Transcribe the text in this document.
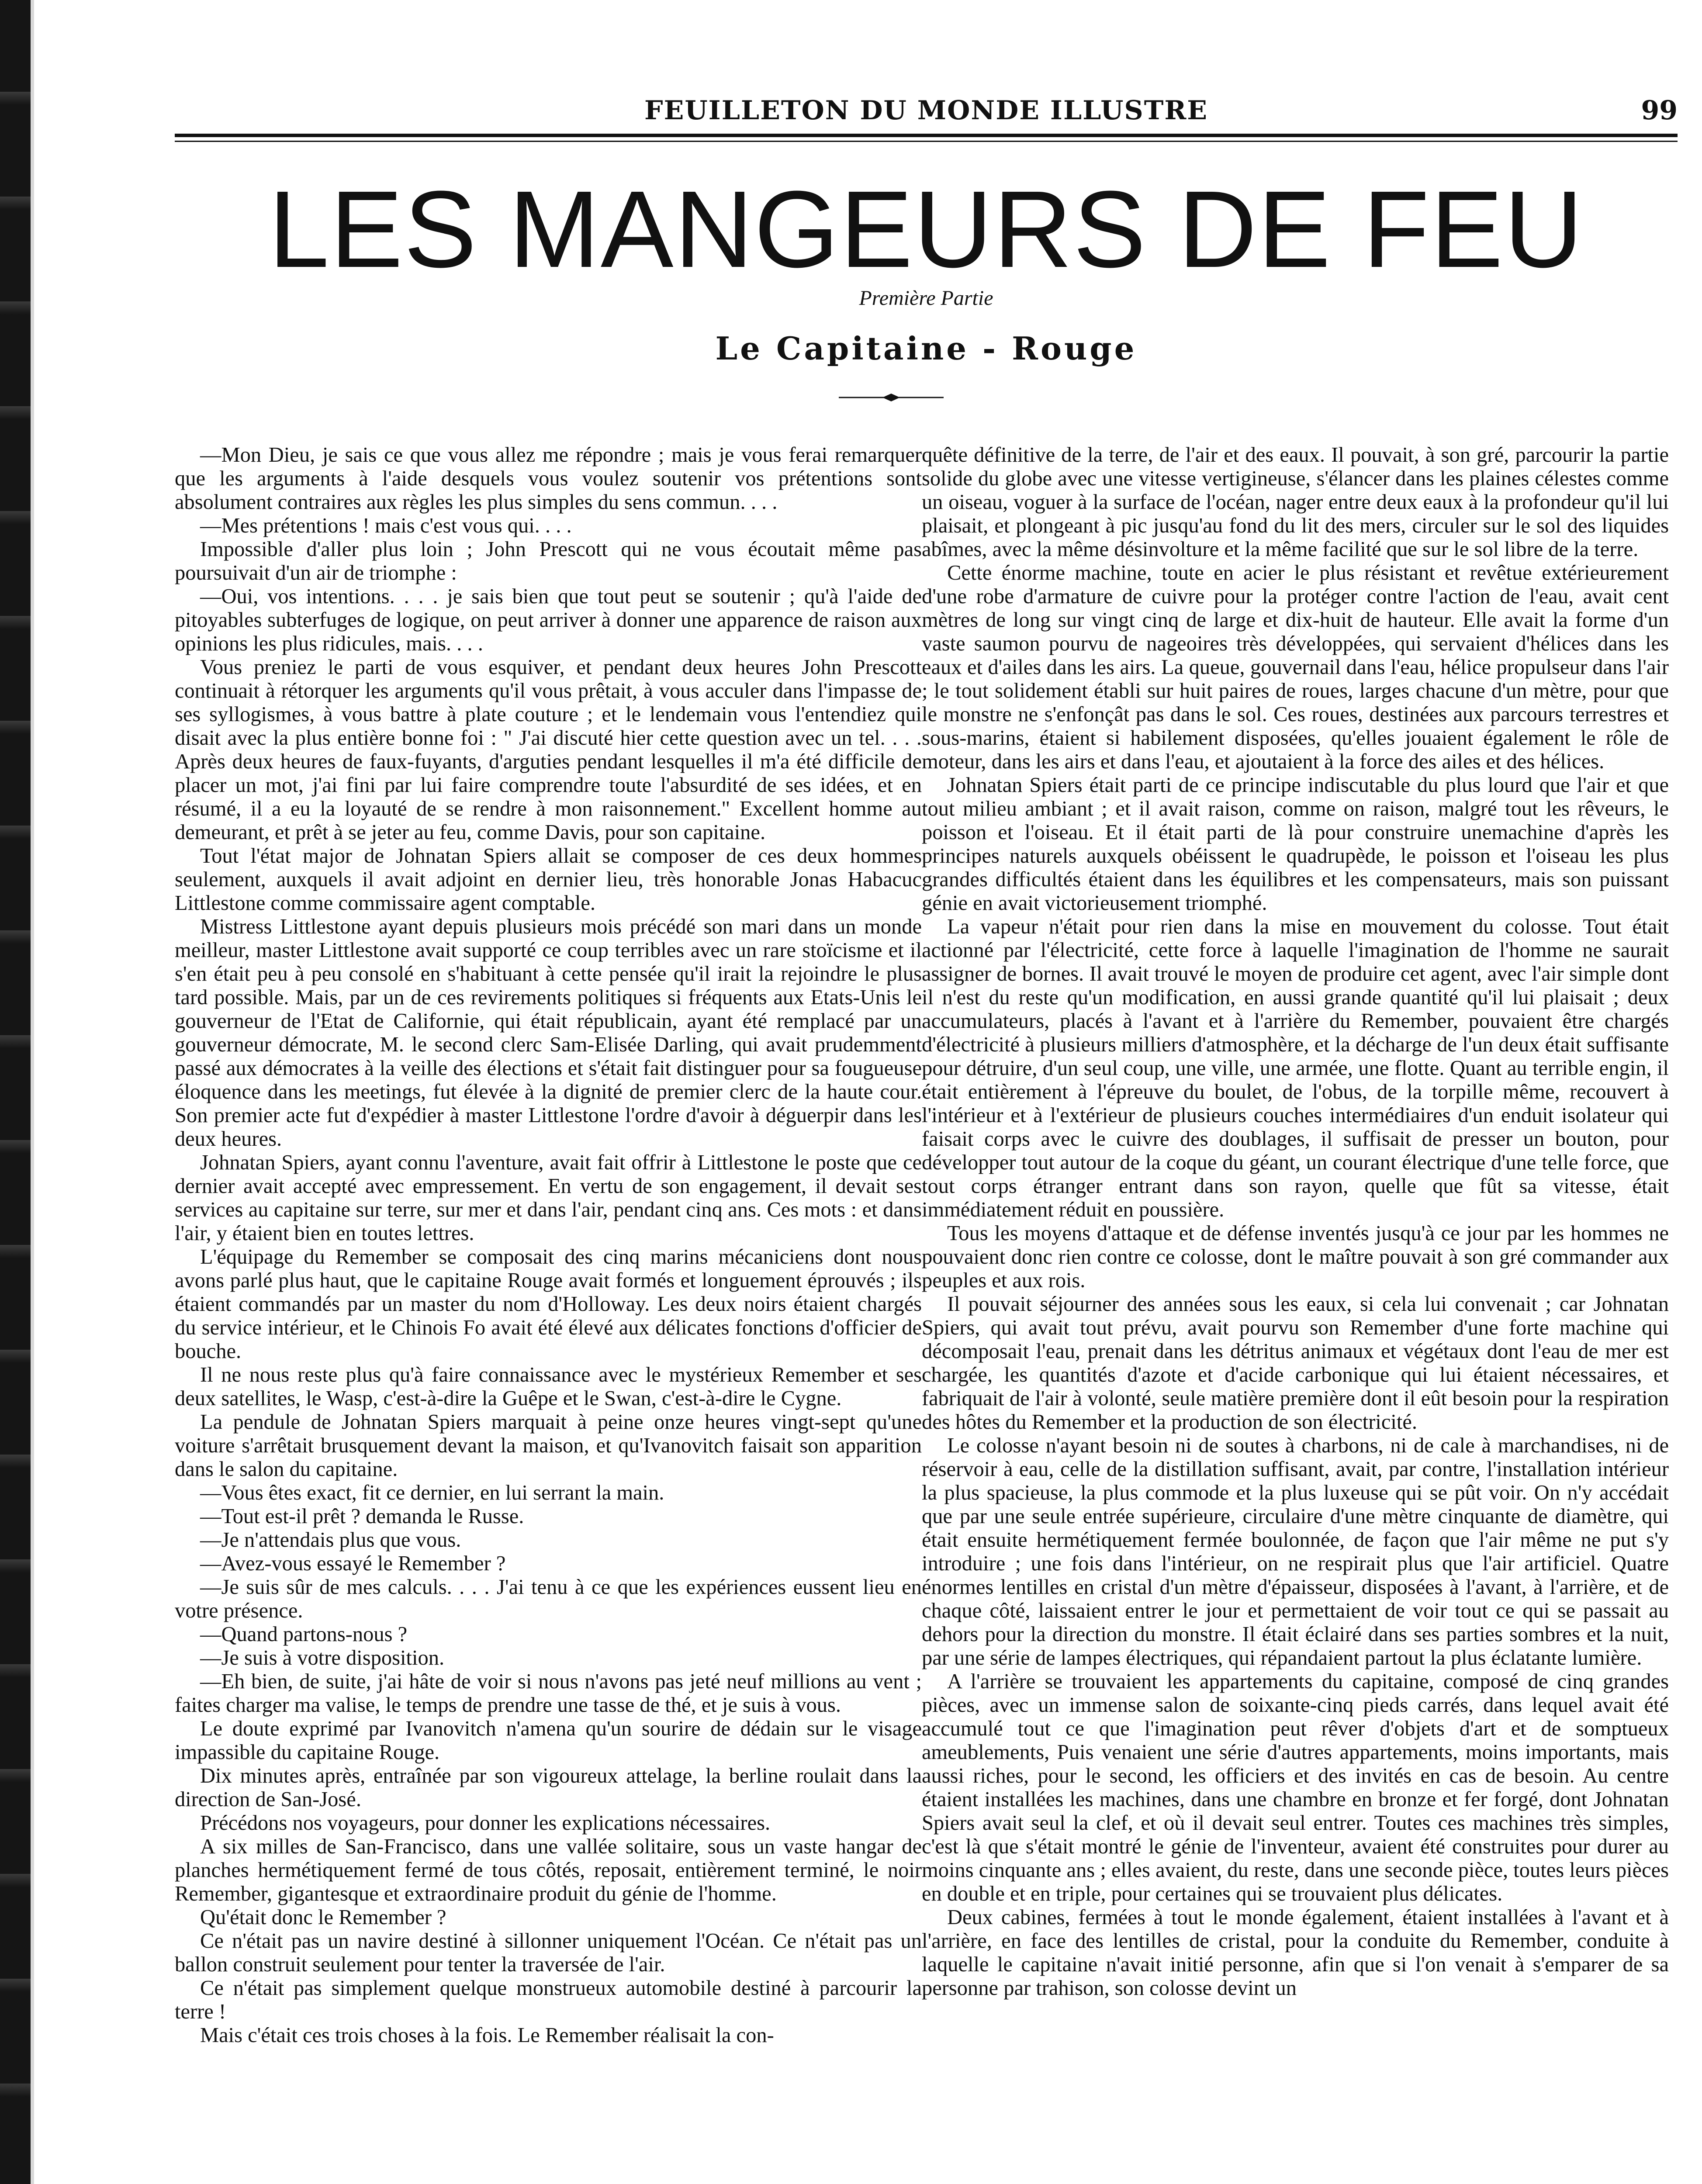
FEUILLETON DU MONDE ILLUSTRE	99
LES MANGEURS DE FEU
Première Partie
Le Capitaine - Rouge

—Mon Dieu, je sais ce que vous allez me répondre ; mais je vous ferai remarquer que les arguments à l'aide desquels vous voulez soutenir vos prétentions sont absolument contraires aux règles les plus simples du sens commun. . . .

—Mes prétentions ! mais c'est vous qui. . . .

Impossible d'aller plus loin ; John Prescott qui ne vous écoutait même pas poursuivait d'un air de triomphe :

—Oui, vos intentions. . . . je sais bien que tout peut se soutenir ; qu'à l'aide de pitoyables subterfuges de logique, on peut arriver à donner une apparence de raison aux opinions les plus ridicules, mais. . . .

Vous preniez le parti de vous esquiver, et pendant deux heures John Prescott continuait à rétorquer les arguments qu'il vous prêtait, à vous acculer dans l'impasse de ses syllogismes, à vous battre à plate couture ; et le lendemain vous l'entendiez qui disait avec la plus entière bonne foi : " J'ai discuté hier cette question avec un tel. . . . Après deux heures de faux-fuyants, d'arguties pendant lesquelles il m'a été difficile de placer un mot, j'ai fini par lui faire comprendre toute l'absurdité de ses idées, et en résumé, il a eu la loyauté de se rendre à mon raisonnement." Excellent homme au demeurant, et prêt à se jeter au feu, comme Davis, pour son capitaine.

Tout l'état major de Johnatan Spiers allait se composer de ces deux hommes seulement, auxquels il avait adjoint en dernier lieu, très honorable Jonas Habacuc Littlestone comme commissaire agent comptable.

Mistress Littlestone ayant depuis plusieurs mois précédé son mari dans un monde meilleur, master Littlestone avait supporté ce coup terribles avec un rare stoïcisme et il s'en était peu à peu consolé en s'habituant à cette pensée qu'il irait la rejoindre le plus tard possible. Mais, par un de ces revirements politiques si fréquents aux Etats-Unis le gouverneur de l'Etat de Californie, qui était républicain, ayant été remplacé par un gouverneur démocrate, M. le second clerc Sam-Elisée Darling, qui avait prudemment passé aux démocrates à la veille des élections et s'était fait distinguer pour sa fougueuse éloquence dans les meetings, fut élevée à la dignité de premier clerc de la haute cour. Son premier acte fut d'expédier à master Littlestone l'ordre d'avoir à déguerpir dans les deux heures.

Johnatan Spiers, ayant connu l'aventure, avait fait offrir à Littlestone le poste que ce dernier avait accepté avec empressement. En vertu de son engagement, il devait ses services au capitaine sur terre, sur mer et dans l'air, pendant cinq ans. Ces mots : et dans l'air, y étaient bien en toutes lettres.

L'équipage du Remember se composait des cinq marins mécaniciens dont nous avons parlé plus haut, que le capitaine Rouge avait formés et longuement éprouvés ; ils étaient commandés par un master du nom d'Holloway. Les deux noirs étaient chargés du service intérieur, et le Chinois Fo avait été élevé aux délicates fonctions d'officier de bouche.

Il ne nous reste plus qu'à faire connaissance avec le mystérieux Remember et ses deux satellites, le Wasp, c'est-à-dire la Guêpe et le Swan, c'est-à-dire le Cygne.

La pendule de Johnatan Spiers marquait à peine onze heures vingt-sept qu'une voiture s'arrêtait brusquement devant la maison, et qu'Ivanovitch faisait son apparition dans le salon du capitaine.

—Vous êtes exact, fit ce dernier, en lui serrant la main.

—Tout est-il prêt ? demanda le Russe.

—Je n'attendais plus que vous.

—Avez-vous essayé le Remember ?

—Je suis sûr de mes calculs. . . . J'ai tenu à ce que les expériences eussent lieu en votre présence.

—Quand partons-nous ?

—Je suis à votre disposition.

—Eh bien, de suite, j'ai hâte de voir si nous n'avons pas jeté neuf millions au vent ; faites charger ma valise, le temps de prendre une tasse de thé, et je suis à vous.

Le doute exprimé par Ivanovitch n'amena qu'un sourire de dédain sur le visage impassible du capitaine Rouge.

Dix minutes après, entraînée par son vigoureux attelage, la berline roulait dans la direction de San-José.

Précédons nos voyageurs, pour donner les explications nécessaires.

A six milles de San-Francisco, dans une vallée solitaire, sous un vaste hangar de planches hermétiquement fermé de tous côtés, reposait, entièrement terminé, le noir Remember, gigantesque et extraordinaire produit du génie de l'homme.

Qu'était donc le Remember ?

Ce n'était pas un navire destiné à sillonner uniquement l'Océan. Ce n'était pas un ballon construit seulement pour tenter la traversée de l'air.

Ce n'était pas simplement quelque monstrueux automobile destiné à parcourir la terre !

Mais c'était ces trois choses à la fois. Le Remember réalisait la con-

quête définitive de la terre, de l'air et des eaux. Il pouvait, à son gré, parcourir la partie solide du globe avec une vitesse vertigineuse, s'élancer dans les plaines célestes comme un oiseau, voguer à la surface de l'océan, nager entre deux eaux à la profondeur qu'il lui plaisait, et plongeant à pic jusqu'au fond du lit des mers, circuler sur le sol des liquides abîmes, avec la même désinvolture et la même facilité que sur le sol libre de la terre.

Cette énorme machine, toute en acier le plus résistant et revêtue extérieurement d'une robe d'armature de cuivre pour la protéger contre l'action de l'eau, avait cent mètres de long sur vingt cinq de large et dix-huit de hauteur. Elle avait la forme d'un vaste saumon pourvu de nageoires très développées, qui servaient d'hélices dans les eaux et d'ailes dans les airs. La queue, gouvernail dans l'eau, hélice propulseur dans l'air ; le tout solidement établi sur huit paires de roues, larges chacune d'un mètre, pour que le monstre ne s'enfonçât pas dans le sol. Ces roues, destinées aux parcours terrestres et sous-marins, étaient si habilement disposées, qu'elles jouaient également le rôle de moteur, dans les airs et dans l'eau, et ajoutaient à la force des ailes et des hélices.

Johnatan Spiers était parti de ce principe indiscutable du plus lourd que l'air et que tout milieu ambiant ; et il avait raison, comme on raison, malgré tout les rêveurs, le poisson et l'oiseau. Et il était parti de là pour construire unemachine d'après les principes naturels auxquels obéissent le quadrupède, le poisson et l'oiseau les plus grandes difficultés étaient dans les équilibres et les compensateurs, mais son puissant génie en avait victorieusement triomphé.

La vapeur n'était pour rien dans la mise en mouvement du colosse. Tout était actionné par l'électricité, cette force à laquelle l'imagination de l'homme ne saurait assigner de bornes. Il avait trouvé le moyen de produire cet agent, avec l'air simple dont il n'est du reste qu'un modification, en aussi grande quantité qu'il lui plaisait ; deux accumulateurs, placés à l'avant et à l'arrière du Remember, pouvaient être chargés d'électricité à plusieurs milliers d'atmosphère, et la décharge de l'un deux était suffisante pour détruire, d'un seul coup, une ville, une armée, une flotte. Quant au terrible engin, il était entièrement à l'épreuve du boulet, de l'obus, de la torpille même, recouvert à l'intérieur et à l'extérieur de plusieurs couches intermédiaires d'un enduit isolateur qui faisait corps avec le cuivre des doublages, il suffisait de presser un bouton, pour développer tout autour de la coque du géant, un courant électrique d'une telle force, que tout corps étranger entrant dans son rayon, quelle que fût sa vitesse, était immédiatement réduit en poussière.

Tous les moyens d'attaque et de défense inventés jusqu'à ce jour par les hommes ne pouvaient donc rien contre ce colosse, dont le maître pouvait à son gré commander aux peuples et aux rois.

Il pouvait séjourner des années sous les eaux, si cela lui convenait ; car Johnatan Spiers, qui avait tout prévu, avait pourvu son Remember d'une forte machine qui décomposait l'eau, prenait dans les détritus animaux et végétaux dont l'eau de mer est chargée, les quantités d'azote et d'acide carbonique qui lui étaient nécessaires, et fabriquait de l'air à volonté, seule matière première dont il eût besoin pour la respiration des hôtes du Remember et la production de son électricité.

Le colosse n'ayant besoin ni de soutes à charbons, ni de cale à marchandises, ni de réservoir à eau, celle de la distillation suffisant, avait, par contre, l'installation intérieur la plus spacieuse, la plus commode et la plus luxeuse qui se pût voir. On n'y accédait que par une seule entrée supérieure, circulaire d'une mètre cinquante de diamètre, qui était ensuite hermétiquement fermée boulonnée, de façon que l'air même ne put s'y introduire ; une fois dans l'intérieur, on ne respirait plus que l'air artificiel. Quatre énormes lentilles en cristal d'un mètre d'épaisseur, disposées à l'avant, à l'arrière, et de chaque côté, laissaient entrer le jour et permettaient de voir tout ce qui se passait au dehors pour la direction du monstre. Il était éclairé dans ses parties sombres et la nuit, par une série de lampes électriques, qui répandaient partout la plus éclatante lumière.

A l'arrière se trouvaient les appartements du capitaine, composé de cinq grandes pièces, avec un immense salon de soixante-cinq pieds carrés, dans lequel avait été accumulé tout ce que l'imagination peut rêver d'objets d'art et de somptueux ameublements, Puis venaient une série d'autres appartements, moins importants, mais aussi riches, pour le second, les officiers et des invités en cas de besoin. Au centre étaient installées les machines, dans une chambre en bronze et fer forgé, dont Johnatan Spiers avait seul la clef, et où il devait seul entrer. Toutes ces machines très simples, c'est là que s'était montré le génie de l'inventeur, avaient été construites pour durer au moins cinquante ans ; elles avaient, du reste, dans une seconde pièce, toutes leurs pièces en double et en triple, pour certaines qui se trouvaient plus délicates.

Deux cabines, fermées à tout le monde également, étaient installées à l'avant et à l'arrière, en face des lentilles de cristal, pour la conduite du Remember, conduite à laquelle le capitaine n'avait initié personne, afin que si l'on venait à s'emparer de sa personne par trahison, son colosse devint un
